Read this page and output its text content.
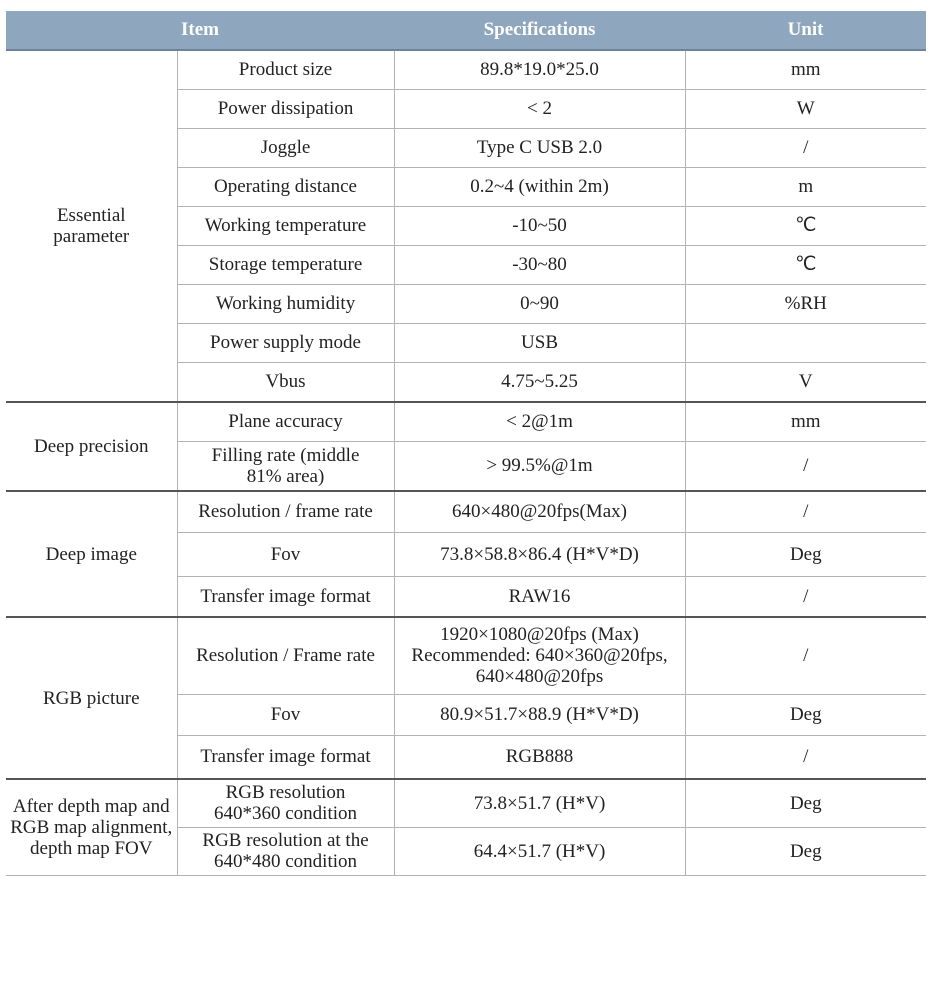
Item		Specifications	Unit
Essential parameter	Product size	89.8*19.0*25.0	mm
	Power dissipation	< 2	W
	Joggle	Type C USB 2.0	/
	Operating distance	0.2~4 (within 2m)	m
	Working temperature	-10~50	℃
	Storage temperature	-30~80	℃
	Working humidity	0~90	%RH
	Power supply mode	USB	
	Vbus	4.75~5.25	V
Deep precision	Plane accuracy	< 2@1m	mm
	Filling rate (middle 81% area)	> 99.5%@1m	/
Deep image	Resolution / frame rate	640×480@20fps(Max)	/
	Fov	73.8×58.8×86.4 (H*V*D)	Deg
	Transfer image format	RAW16	/
RGB picture	Resolution / Frame rate	1920×1080@20fps (Max) Recommended: 640×360@20fps, 640×480@20fps	/
	Fov	80.9×51.7×88.9 (H*V*D)	Deg
	Transfer image format	RGB888	/
After depth map and RGB map alignment, depth map FOV	RGB resolution 640*360 condition	73.8×51.7 (H*V)	Deg
	RGB resolution at the 640*480 condition	64.4×51.7 (H*V)	Deg
